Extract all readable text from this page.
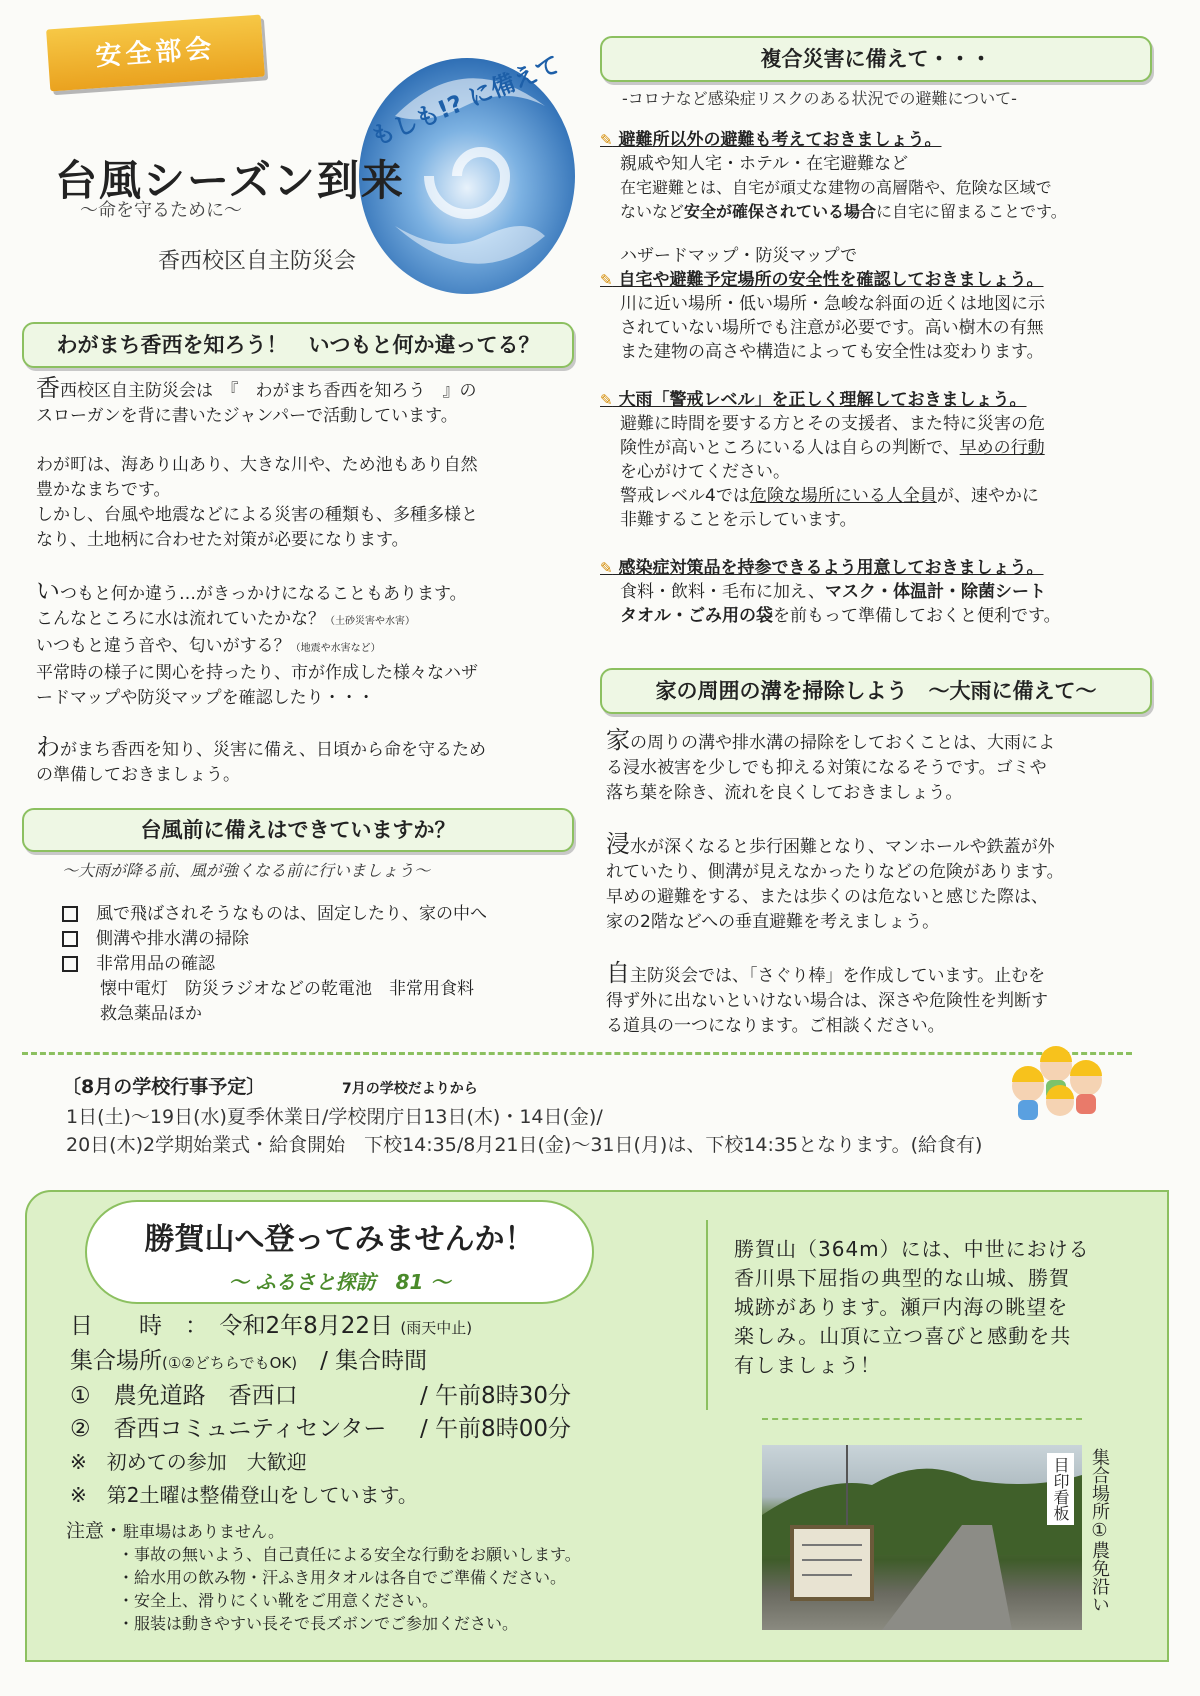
安全部会	もしも!? に備えて
台風シーズン到来
～命を守るために～
香西校区自主防災会
わがまち香西を知ろう！　いつもと何か違ってる？

香西校区自主防災会は　『　わがまち香西を知ろう　』の
スローガンを背に書いたジャンパーで活動しています。

わが町は、海あり山あり、大きな川や、ため池もあり自然
豊かなまちです。
しかし、台風や地震などによる災害の種類も、多種多様と
なり、土地柄に合わせた対策が必要になります。

いつもと何か違う…がきっかけになることもあります。
こんなところに水は流れていたかな？（土砂災害や水害）
いつもと違う音や、匂いがする？（地震や水害など）
平常時の様子に関心を持ったり、市が作成した様々なハザ
ードマップや防災マップを確認したり・・・

わがまち香西を知り、災害に備え、日頃から命を守るため
の準備しておきましょう。

台風前に備えはできていますか？
～大雨が降る前、風が強くなる前に行いましょう～
風で飛ばされそうなものは、固定したり、家の中へ
側溝や排水溝の掃除
非常用品の確認
懐中電灯　防災ラジオなどの乾電池　非常用食料
救急薬品ほか
複合災害に備えて・・・
-コロナなど感染症リスクのある状況での避難について-
✎ 避難所以外の避難も考えておきましょう。
親戚や知人宅・ホテル・在宅避難など
在宅避難とは、自宅が頑丈な建物の高層階や、危険な区域で
ないなど安全が確保されている場合に自宅に留まることです。
ハザードマップ・防災マップで
✎ 自宅や避難予定場所の安全性を確認しておきましょう。
川に近い場所・低い場所・急峻な斜面の近くは地図に示
されていない場所でも注意が必要です。高い樹木の有無
また建物の高さや構造によっても安全性は変わります。
✎ 大雨「警戒レベル」を正しく理解しておきましょう。
避難に時間を要する方とその支援者、また特に災害の危
険性が高いところにいる人は自らの判断で、早めの行動
を心がけてください。
警戒レベル4では危険な場所にいる人全員が、速やかに
非難することを示しています。
✎ 感染症対策品を持参できるよう用意しておきましょう。
食料・飲料・毛布に加え、マスク・体温計・除菌シート
タオル・ごみ用の袋を前もって準備しておくと便利です。
家の周囲の溝を掃除しよう　～大雨に備えて～

家の周りの溝や排水溝の掃除をしておくことは、大雨によ
る浸水被害を少しでも抑える対策になるそうです。ゴミや
落ち葉を除き、流れを良くしておきましょう。

浸水が深くなると歩行困難となり、マンホールや鉄蓋が外
れていたり、側溝が見えなかったりなどの危険があります。
早めの避難をする、または歩くのは危ないと感じた際は、
家の2階などへの垂直避難を考えましょう。

自主防災会では、「さぐり棒」を作成しています。止むを
得ず外に出ないといけない場合は、深さや危険性を判断す
る道具の一つになります。ご相談ください。

〔8月の学校行事予定〕	7月の学校だよりから
1日(土)～19日(水)夏季休業日/学校閉庁日13日(木)・14日(金)/
20日(木)2学期始業式・給食開始　下校14:35/8月21日(金)～31日(月)は、下校14:35となります。(給食有)
勝賀山へ登ってみませんか！
～ ふるさと探訪　81 ～
日　　時　：　 令和2年8月22日 (雨天中止)
集合場所(①②どちらでもOK)　 / 集合時間
①　農免道路　香西口	/ 午前8時30分
②　香西コミュニティセンター / 午前8時00分
※　初めての参加　大歓迎
※　第2土曜は整備登山をしています。
注意・駐車場はありません。
・事故の無いよう、自己責任による安全な行動をお願いします。
・給水用の飲み物・汗ふき用タオルは各自でご準備ください。
・安全上、滑りにくい靴をご用意ください。
・服装は動きやすい長そで長ズボンでご参加ください。
勝賀山（364m）には、中世における
香川県下屈指の典型的な山城、勝賀
城跡があります。瀬戸内海の眺望を
楽しみ。山頂に立つ喜びと感動を共
有しましょう！
目印看板 集合場所①農免沿い
